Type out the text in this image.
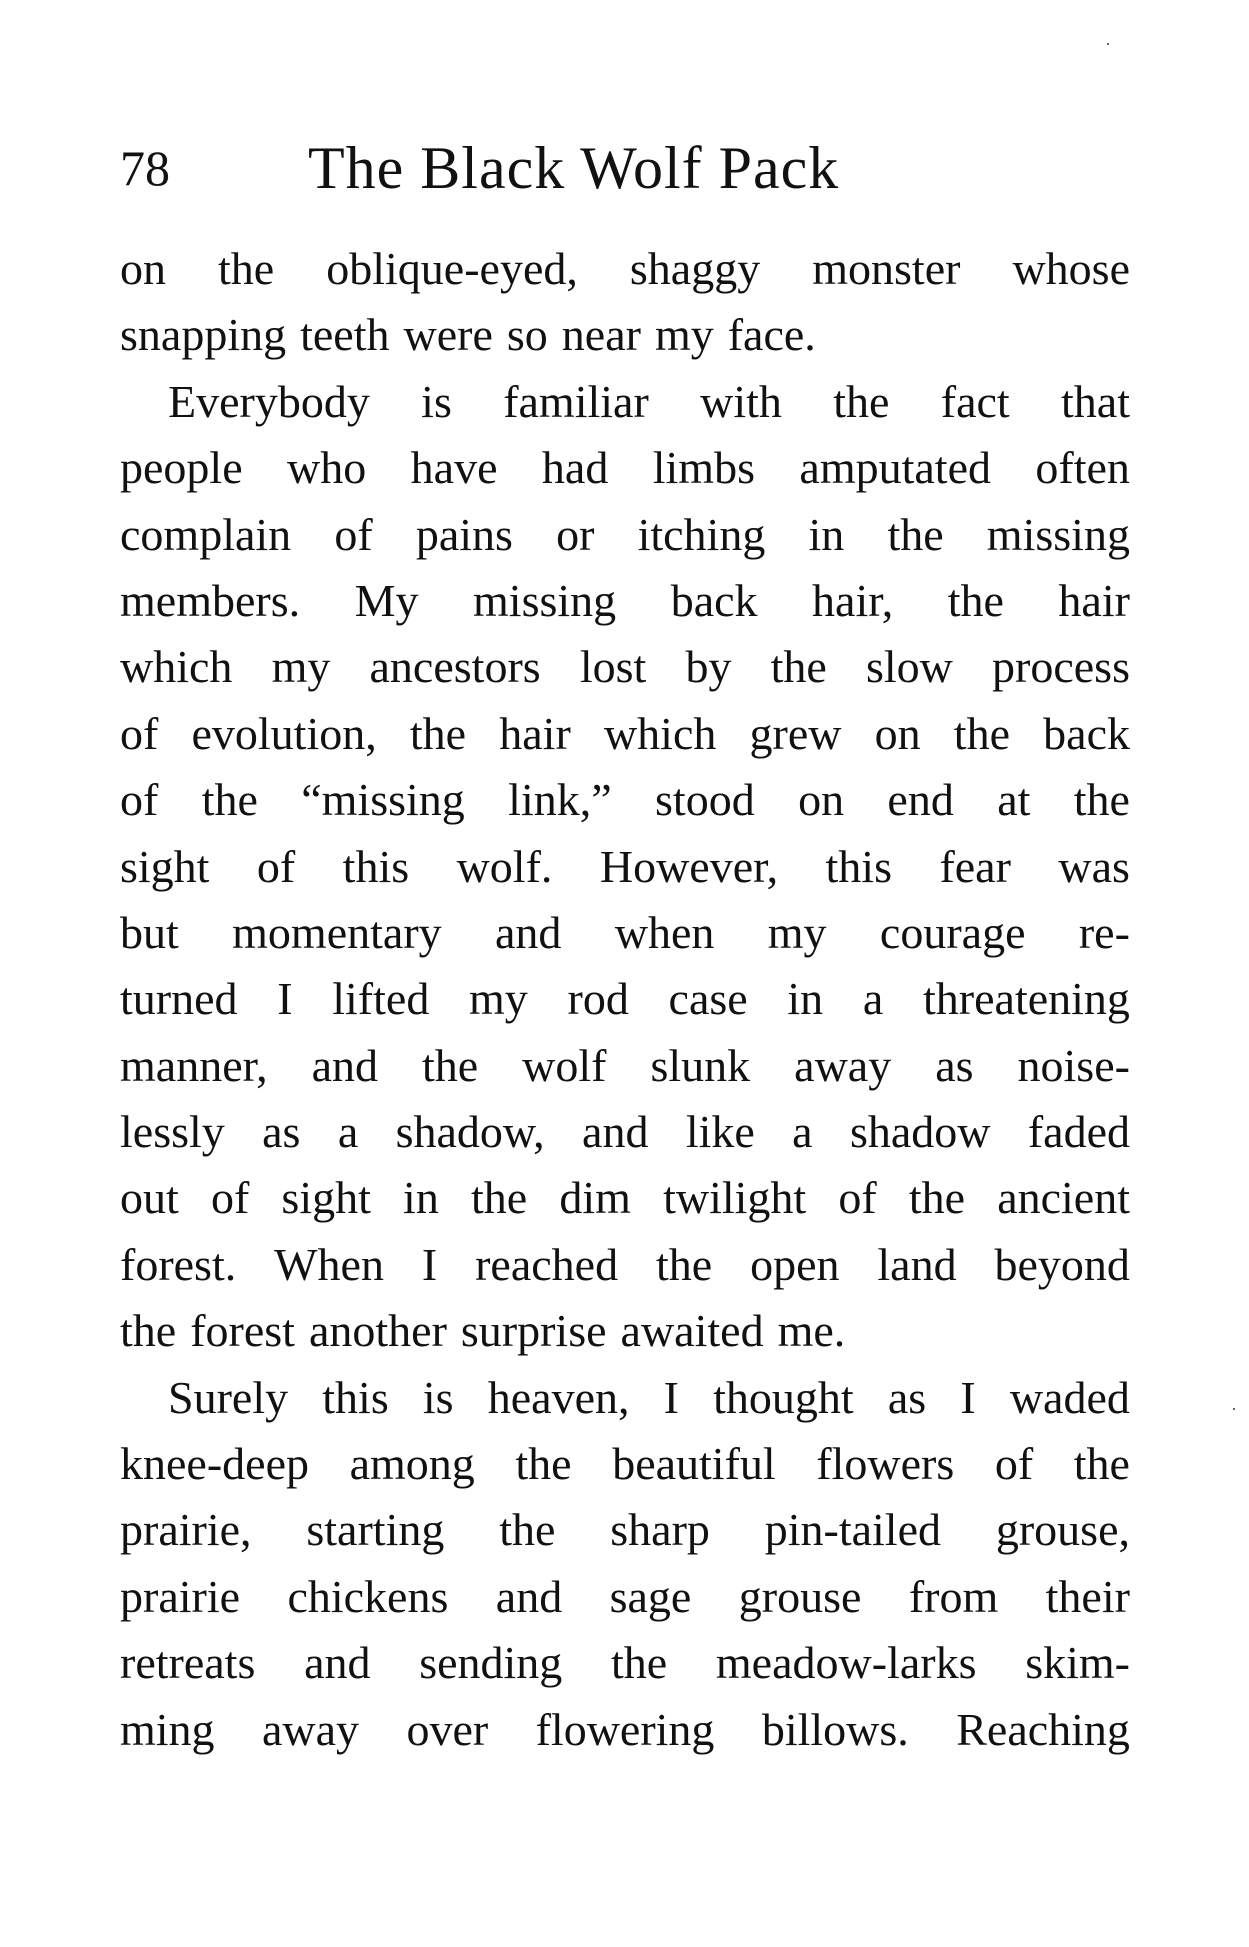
78 The Black Wolf Pack
on the oblique-eyed, shaggy monster whose
snapping teeth were so near my face.
Everybody is familiar with the fact that
people who have had limbs amputated often
complain of pains or itching in the missing
members. My missing back hair, the hair
which my ancestors lost by the slow process
of evolution, the hair which grew on the back
of the “missing link,” stood on end at the
sight of this wolf. However, this fear was
but momentary and when my courage re-
turned I lifted my rod case in a threatening
manner, and the wolf slunk away as noise-
lessly as a shadow, and like a shadow faded
out of sight in the dim twilight of the ancient
forest. When I reached the open land beyond
the forest another surprise awaited me.
Surely this is heaven, I thought as I waded
knee-deep among the beautiful flowers of the
prairie, starting the sharp pin-tailed grouse,
prairie chickens and sage grouse from their
retreats and sending the meadow-larks skim-
ming away over flowering billows. Reaching
